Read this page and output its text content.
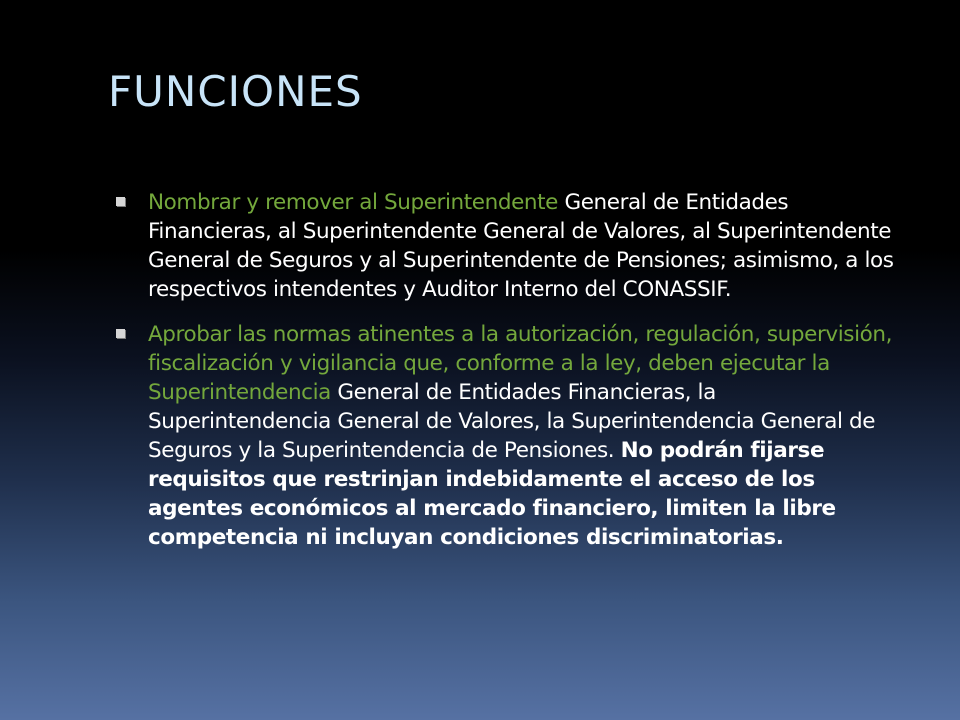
FUNCIONES
Nombrar y remover al Superintendente General de Entidades Financieras, al Superintendente General de Valores, al Superintendente General de Seguros y al Superintendente de Pensiones; asimismo, a los respectivos intendentes y Auditor Interno del CONASSIF.
Aprobar las normas atinentes a la autorización, regulación, supervisión, fiscalización y vigilancia que, conforme a la ley, deben ejecutar la Superintendencia General de Entidades Financieras, la Superintendencia General de Valores, la Superintendencia General de Seguros y la Superintendencia de Pensiones. No podrán fijarse requisitos que restrinjan indebidamente el acceso de los agentes económicos al mercado financiero, limiten la libre competencia ni incluyan condiciones discriminatorias.
